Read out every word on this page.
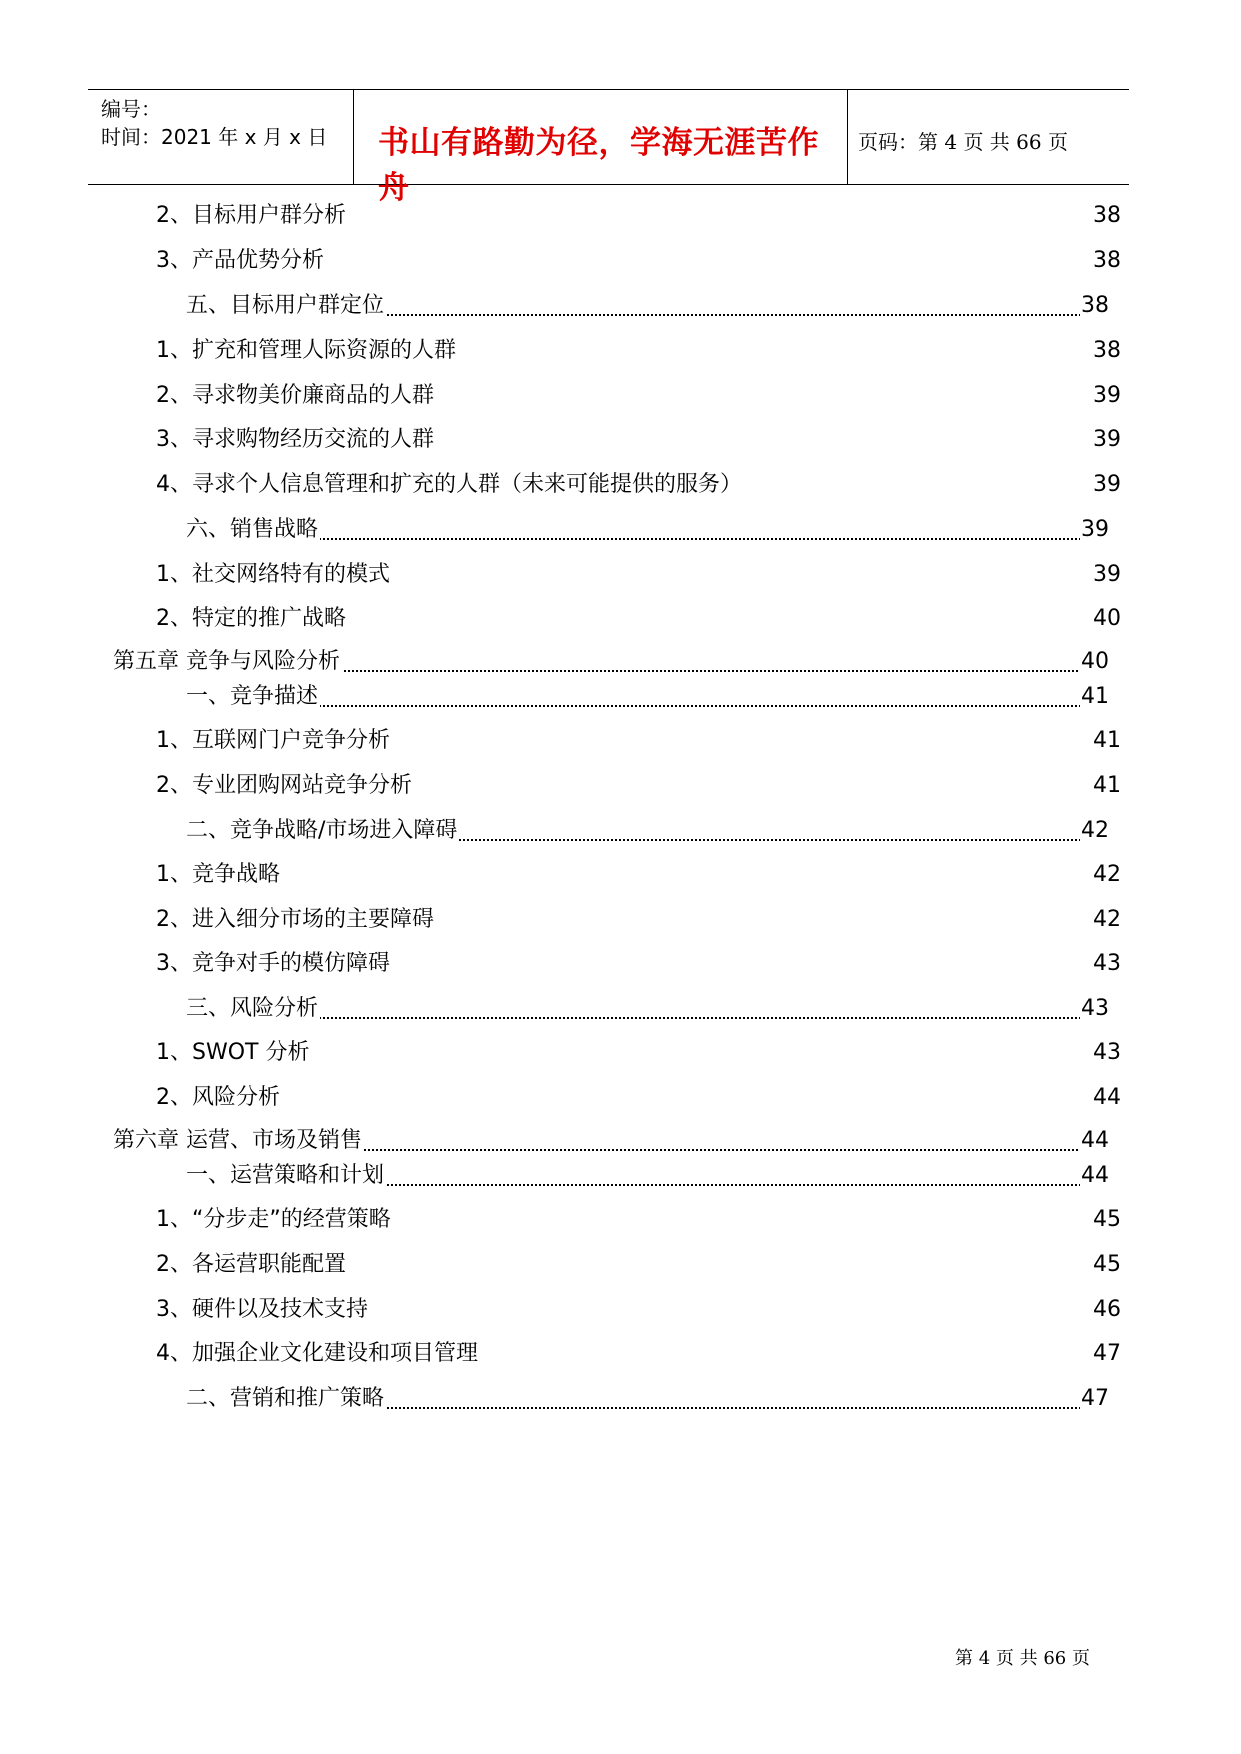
编号：
时间：2021 年 x 月 x 日 书山有路勤为径，学海无涯苦作舟
页码：第 4 页 共 66 页
2、目标用户群分析	38
3、产品优势分析	38
五、目标用户群定位	38
1、扩充和管理人际资源的人群	38
2、寻求物美价廉商品的人群	39
3、寻求购物经历交流的人群	39
4、寻求个人信息管理和扩充的人群（未来可能提供的服务）	39
六、销售战略	39
1、社交网络特有的模式	39
2、特定的推广战略	40
第五章 竞争与风险分析	40
一、竞争描述	41
1、互联网门户竞争分析	41
2、专业团购网站竞争分析	41
二、竞争战略/市场进入障碍	42
1、竞争战略	42
2、进入细分市场的主要障碍	42
3、竞争对手的模仿障碍	43
三、风险分析	43
1、SWOT 分析	43
2、风险分析	44
第六章 运营、市场及销售	44
一、运营策略和计划	44
1、“分步走”的经营策略	45
2、各运营职能配置	45
3、硬件以及技术支持	46
4、加强企业文化建设和项目管理	47
二、营销和推广策略	47
第 4 页 共 66 页
